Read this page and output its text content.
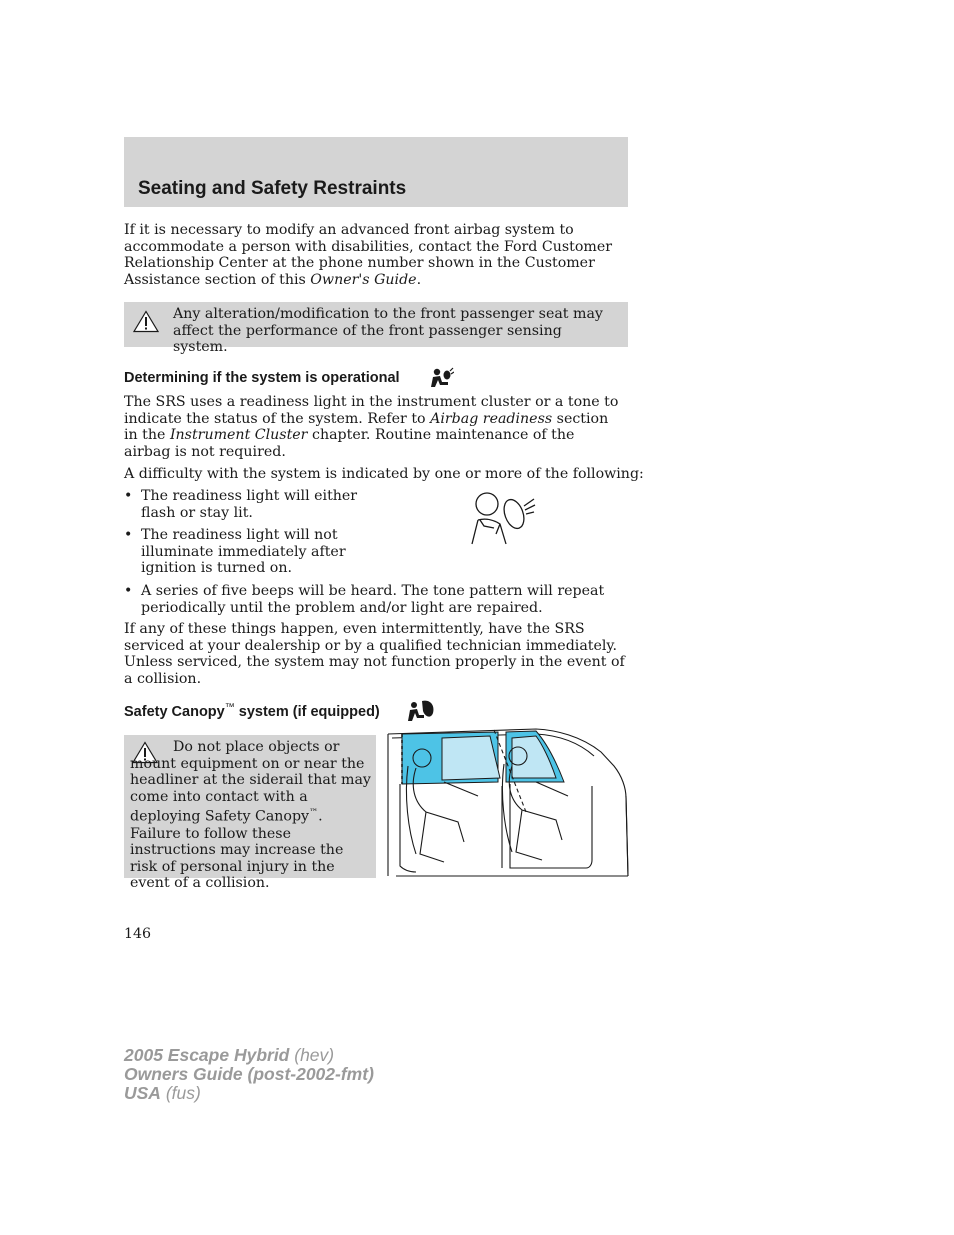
Seating and Safety Restraints
If it is necessary to modify an advanced front airbag system to accommodate a person with disabilities, contact the Ford Customer Relationship Center at the phone number shown in the Customer Assistance section of this Owner's Guide.
Any alteration/modification to the front passenger seat may affect the performance of the front passenger sensing system.
Determining if the system is operational
The SRS uses a readiness light in the instrument cluster or a tone to indicate the status of the system. Refer to Airbag readiness section in the Instrument Cluster chapter. Routine maintenance of the airbag is not required.
A difficulty with the system is indicated by one or more of the following:
• The readiness light will either flash or stay lit.
• The readiness light will not illuminate immediately after ignition is turned on.
• A series of five beeps will be heard. The tone pattern will repeat periodically until the problem and/or light are repaired.
If any of these things happen, even intermittently, have the SRS serviced at your dealership or by a qualified technician immediately. Unless serviced, the system may not function properly in the event of a collision.
Safety Canopy™ system (if equipped)
Do not place objects or mount equipment on or near the headliner at the siderail that may come into contact with a deploying Safety Canopy™. Failure to follow these instructions may increase the risk of personal injury in the event of a collision.
146
2005 Escape Hybrid (hev)
Owners Guide (post-2002-fmt)
USA (fus)
